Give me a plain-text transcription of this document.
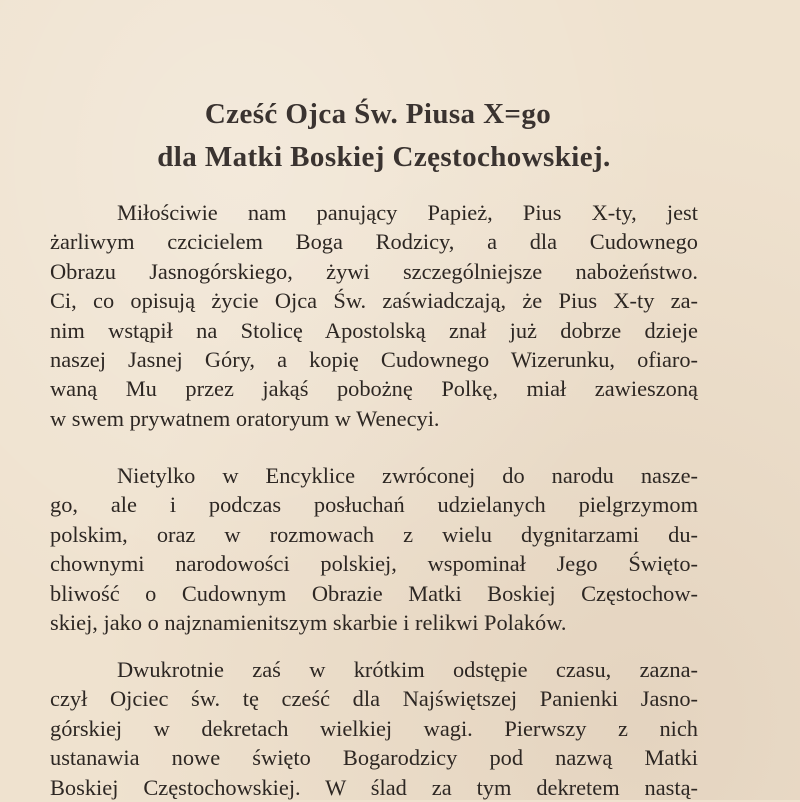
Cześć Ojca Św. Piusa X=go
dla Matki Boskiej Częstochowskiej.
Miłościwie nam panujący Papież, Pius X-ty, jest
żarliwym czcicielem Boga Rodzicy, a dla Cudownego
Obrazu Jasnogórskiego, żywi szczególniejsze nabożeństwo.
Ci, co opisują życie Ojca Św. zaświadczają, że Pius X-ty za-
nim wstąpił na Stolicę Apostolską znał już dobrze dzieje
naszej Jasnej Góry, a kopię Cudownego Wizerunku, ofiaro-
waną Mu przez jakąś pobożnę Polkę, miał zawieszoną
w swem prywatnem oratoryum w Wenecyi.
Nietylko w Encyklice zwróconej do narodu nasze-
go, ale i podczas posłuchań udzielanych pielgrzymom
polskim, oraz w rozmowach z wielu dygnitarzami du-
chownymi narodowości polskiej, wspominał Jego Święto-
bliwość o Cudownym Obrazie Matki Boskiej Częstochow-
skiej, jako o najznamienitszym skarbie i relikwi Polaków.
Dwukrotnie zaś w krótkim odstępie czasu, zazna-
czył Ojciec św. tę cześć dla Najświętszej Panienki Jasno-
górskiej w dekretach wielkiej wagi. Pierwszy z nich
ustanawia nowe święto Bogarodzicy pod nazwą Matki
Boskiej Częstochowskiej. W ślad za tym dekretem nastą-
